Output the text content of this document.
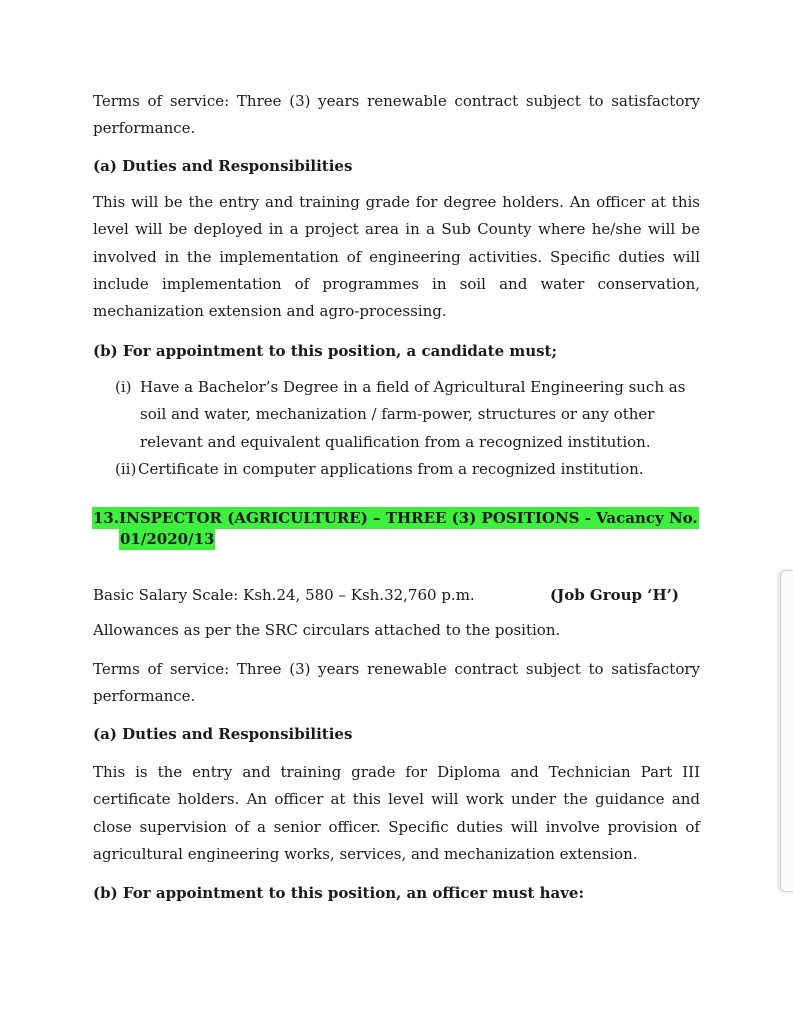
Terms of service: Three (3) years renewable contract subject to satisfactory performance.

(a) Duties and Responsibilities

This will be the entry and training grade for degree holders. An officer at this level will be deployed in a project area in a Sub County where he/she will be involved in the implementation of engineering activities. Specific duties will include implementation of programmes in soil and water conservation, mechanization extension and agro-processing.

(b) For appointment to this position, a candidate must;

(i) Have a Bachelor’s Degree in a field of Agricultural Engineering such as soil and water, mechanization / farm-power, structures or any other relevant and equivalent qualification from a recognized institution.
(ii) Certificate in computer applications from a recognized institution.
13.INSPECTOR (AGRICULTURE) – THREE (3) POSITIONS - Vacancy No.
01/2020/13
Basic Salary Scale: Ksh.24, 580 – Ksh.32,760 p.m.	(Job Group ‘H’)

Allowances as per the SRC circulars attached to the position.

Terms of service: Three (3) years renewable contract subject to satisfactory performance.

(a) Duties and Responsibilities

This is the entry and training grade for Diploma and Technician Part III certificate holders. An officer at this level will work under the guidance and close supervision of a senior officer. Specific duties will involve provision of agricultural engineering works, services, and mechanization extension.

(b) For appointment to this position, an officer must have:
